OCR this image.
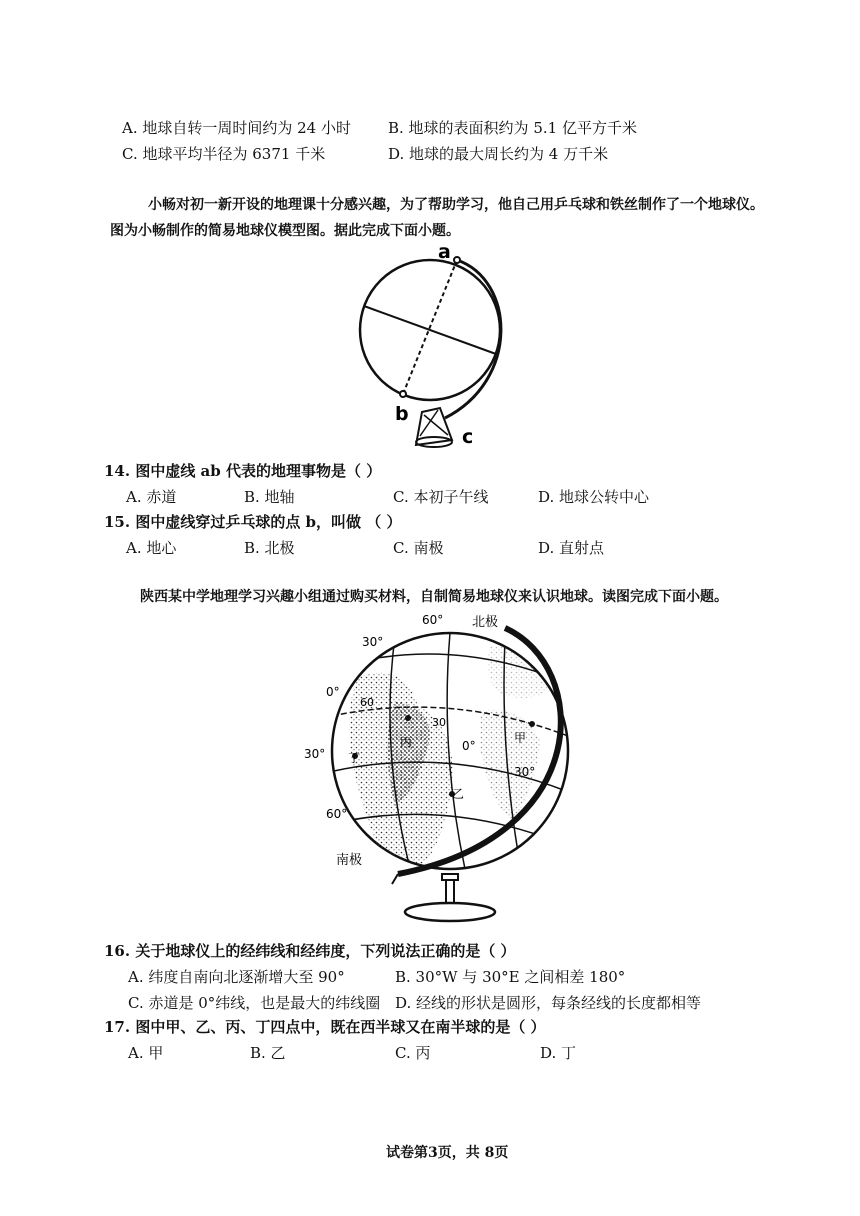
A. 地球自转一周时间约为 24 小时 B. 地球的表面积约为 5.1 亿平方千米
C. 地球平均半径为 6371 千米	D. 地球的最大周长约为 4 万千米
小畅对初一新开设的地理课十分感兴趣，为了帮助学习，他自己用乒乓球和铁丝制作了一个地球仪。
图为小畅制作的简易地球仪模型图。据此完成下面小题。
a
b
c
14. 图中虚线 ab 代表的地理事物是（ ）
A. 赤道	B. 地轴	C. 本初子午线	D. 地球公转中心
15. 图中虚线穿过乒乓球的点 b，叫做 （ ）
A. 地心	B. 北极	C. 南极	D. 直射点
陕西某中学地理学习兴趣小组通过购买材料，自制简易地球仪来认识地球。读图完成下面小题。
北极
南极
60°
30°
0°
30°
60°
0°
30°
60
30
甲
乙
丙
丁
16. 关于地球仪上的经纬线和经纬度，下列说法正确的是（ ）
A. 纬度自南向北逐渐增大至 90°	B. 30°W 与 30°E 之间相差 180°
C. 赤道是 0°纬线，也是最大的纬线圈 D. 经线的形状是圆形，每条经线的长度都相等
17. 图中甲、乙、丙、丁四点中，既在西半球又在南半球的是（ ）
A. 甲	B. 乙	C. 丙	D. 丁
试卷第3页，共 8页
